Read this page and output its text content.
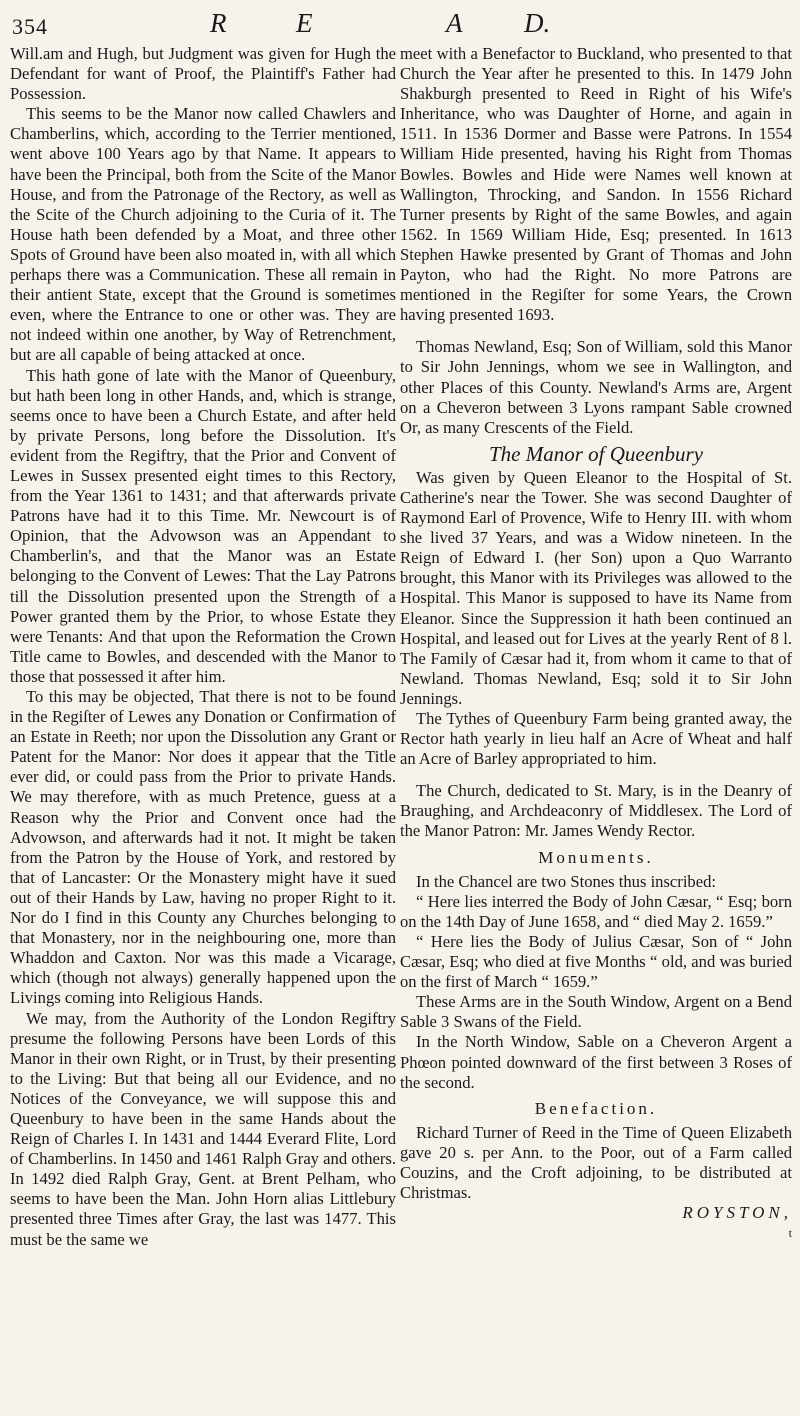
354	R	E	A D.

Will.am and Hugh, but Judgment was given for Hugh the Defendant for want of Proof, the Plaintiff's Father had Possession.

This seems to be the Manor now called Chawlers and Chamberlins, which, according to the Terrier mentioned, went above 100 Years ago by that Name. It appears to have been the Principal, both from the Scite of the Manor House, and from the Patronage of the Rectory, as well as the Scite of the Church adjoining to the Curia of it. The House hath been defended by a Moat, and three other Spots of Ground have been also moated in, with all which perhaps there was a Communication. These all remain in their antient State, except that the Ground is sometimes even, where the Entrance to one or other was. They are not indeed within one another, by Way of Retrenchment, but are all capable of being attacked at once.

This hath gone of late with the Manor of Queenbury, but hath been long in other Hands, and, which is strange, seems once to have been a Church Estate, and after held by private Persons, long before the Dissolution. It's evident from the Regiftry, that the Prior and Convent of Lewes in Sussex presented eight times to this Rectory, from the Year 1361 to 1431; and that afterwards private Patrons have had it to this Time. Mr. Newcourt is of Opinion, that the Advowson was an Appendant to Chamberlin's, and that the Manor was an Estate belonging to the Convent of Lewes: That the Lay Patrons till the Dissolution presented upon the Strength of a Power granted them by the Prior, to whose Estate they were Tenants: And that upon the Reformation the Crown Title came to Bowles, and descended with the Manor to those that possessed it after him.

To this may be objected, That there is not to be found in the Regiſter of Lewes any Donation or Confirmation of an Estate in Reeth; nor upon the Dissolution any Grant or Patent for the Manor: Nor does it appear that the Title ever did, or could pass from the Prior to private Hands. We may therefore, with as much Pretence, guess at a Reason why the Prior and Convent once had the Advowson, and afterwards had it not. It might be taken from the Patron by the House of York, and restored by that of Lancaster: Or the Monastery might have it sued out of their Hands by Law, having no proper Right to it. Nor do I find in this County any Churches belonging to that Monastery, nor in the neighbouring one, more than Whaddon and Caxton. Nor was this made a Vicarage, which (though not always) generally happened upon the Livings coming into Religious Hands.

We may, from the Authority of the London Regiftry presume the following Persons have been Lords of this Manor in their own Right, or in Trust, by their presenting to the Living: But that being all our Evidence, and no Notices of the Conveyance, we will suppose this and Queenbury to have been in the same Hands about the Reign of Charles I. In 1431 and 1444 Everard Flite, Lord of Chamberlins. In 1450 and 1461 Ralph Gray and others. In 1492 died Ralph Gray, Gent. at Brent Pelham, who seems to have been the Man. John Horn alias Littlebury presented three Times after Gray, the last was 1477. This must be the same we

meet with a Benefactor to Buckland, who presented to that Church the Year after he presented to this. In 1479 John Shakburgh presented to Reed in Right of his Wife's Inheritance, who was Daughter of Horne, and again in 1511. In 1536 Dormer and Basse were Patrons. In 1554 William Hide presented, having his Right from Thomas Bowles. Bowles and Hide were Names well known at Wallington, Throcking, and Sandon. In 1556 Richard Turner presents by Right of the same Bowles, and again 1562. In 1569 William Hide, Esq; presented. In 1613 Stephen Hawke presented by Grant of Thomas and John Payton, who had the Right. No more Patrons are mentioned in the Regiſter for some Years, the Crown having presented 1693.

Thomas Newland, Esq; Son of William, sold this Manor to Sir John Jennings, whom we see in Wallington, and other Places of this County. Newland's Arms are, Argent on a Cheveron between 3 Lyons rampant Sable crowned Or, as many Crescents of the Field.

The Manor of Queenbury

Was given by Queen Eleanor to the Hospital of St. Catherine's near the Tower. She was second Daughter of Raymond Earl of Provence, Wife to Henry III. with whom she lived 37 Years, and was a Widow nineteen. In the Reign of Edward I. (her Son) upon a Quo Warranto brought, this Manor with its Privileges was allowed to the Hospital. This Manor is supposed to have its Name from Eleanor. Since the Suppression it hath been continued an Hospital, and leased out for Lives at the yearly Rent of 8 l. The Family of Cæsar had it, from whom it came to that of Newland. Thomas Newland, Esq; sold it to Sir John Jennings.

The Tythes of Queenbury Farm being granted away, the Rector hath yearly in lieu half an Acre of Wheat and half an Acre of Barley appropriated to him.

The Church, dedicated to St. Mary, is in the Deanry of Braughing, and Archdeaconry of Middlesex. The Lord of the Manor Patron: Mr. James Wendy Rector.

Monuments.

In the Chancel are two Stones thus inscribed:

“ Here lies interred the Body of John Cæsar, “ Esq; born on the 14th Day of June 1658, and “ died May 2. 1659.”

“ Here lies the Body of Julius Cæsar, Son of “ John Cæsar, Esq; who died at five Months “ old, and was buried on the first of March “ 1659.”

These Arms are in the South Window, Argent on a Bend Sable 3 Swans of the Field.

In the North Window, Sable on a Cheveron Argent a Phœon pointed downward of the first between 3 Roses of the second.

Benefaction.

Richard Turner of Reed in the Time of Queen Elizabeth gave 20 s. per Ann. to the Poor, out of a Farm called Couzins, and the Croft adjoining, to be distributed at Christmas.

ROYSTON,

t
